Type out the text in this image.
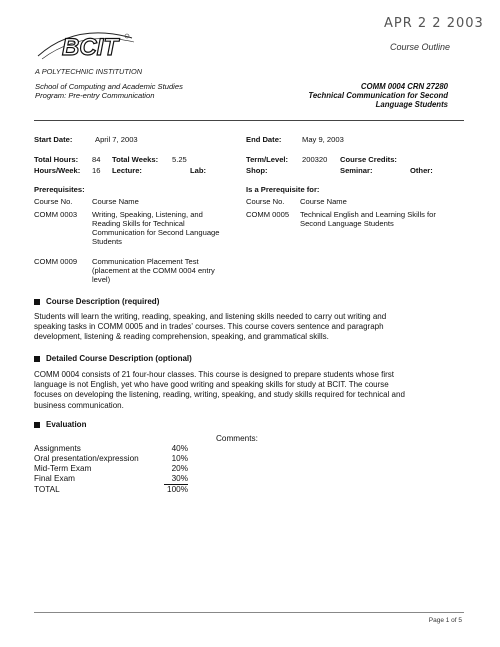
APR 2 2 2003
Course Outline
BCIT
A POLYTECHNIC INSTITUTION
School of Computing and Academic Studies
Program: Pre-entry Communication
COMM 0004 CRN 27280
Technical Communication for Second
Language Students
Start Date:	April 7, 2003	End Date:	May 9, 2003
Total Hours: 84 Total Weeks: 5.25	Term/Level: 200320 Course Credits:
Hours/Week: 16 Lecture:	Lab:	Shop:	Seminar:	Other:
Prerequisites:
Course No.	Course Name
COMM 0003 Writing, Speaking, Listening, and
Reading Skills for Technical
Communication for Second Language
Students
COMM 0009 Communication Placement Test
(placement at the COMM 0004 entry
level)
Is a Prerequisite for:
Course No. Course Name
COMM 0005 Technical English and Learning Skills for
Second Language Students
Course Description (required)
Students will learn the writing, reading, speaking, and listening skills needed to carry out writing and
speaking tasks in COMM 0005 and in trades' courses. This course covers sentence and paragraph
development, listening & reading comprehension, speaking, and grammatical skills.
Detailed Course Description (optional)
COMM 0004 consists of 21 four-hour classes. This course is designed to prepare students whose first
language is not English, yet who have good writing and speaking skills for study at BCIT. The course
focuses on developing the listening, reading, writing, speaking, and study skills required for technical and
business communication.
Evaluation
Comments:
Assignments	40%
Oral presentation/expression	10%
Mid-Term Exam	20%
Final Exam	30%
TOTAL	100%
Page 1 of 5
